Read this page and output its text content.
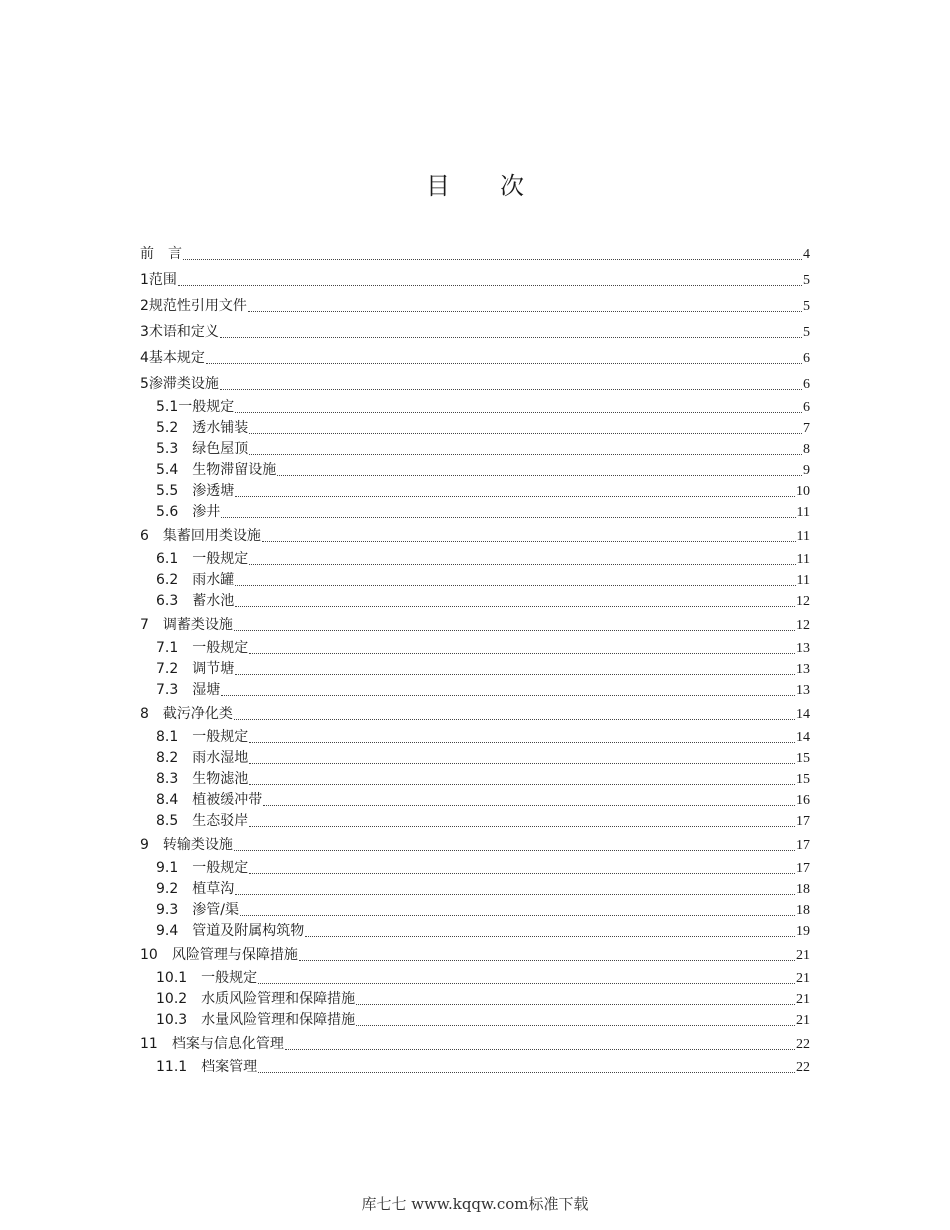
目 次
前　言	4
1 范围	5
2 规范性引用文件	5
3 术语和定义	5
4 基本规定	6
5 渗滞类设施	6
5.1 一般规定	6
5.2　 透水铺装	7
5.3　 绿色屋顶	8
5.4　 生物滞留设施	9
5.5　 渗透塘	10
5.6　 渗井	11
6　 集蓄回用类设施	11
6.1　 一般规定	11
6.2　 雨水罐	11
6.3　 蓄水池	12
7　 调蓄类设施	12
7.1　 一般规定	13
7.2　 调节塘	13
7.3　 湿塘	13
8　 截污净化类	14
8.1　 一般规定	14
8.2　 雨水湿地	15
8.3　 生物滤池	15
8.4　 植被缓冲带	16
8.5　 生态驳岸	17
9　 转输类设施	17
9.1　 一般规定	17
9.2　 植草沟	18
9.3　 渗管/渠	18
9.4　 管道及附属构筑物	19
10　 风险管理与保障措施	21
10.1　 一般规定	21
10.2　 水质风险管理和保障措施	21
10.3　 水量风险管理和保障措施	21
11　 档案与信息化管理	22
11.1　 档案管理	22
库七七 www.kqqw.com标准下载
